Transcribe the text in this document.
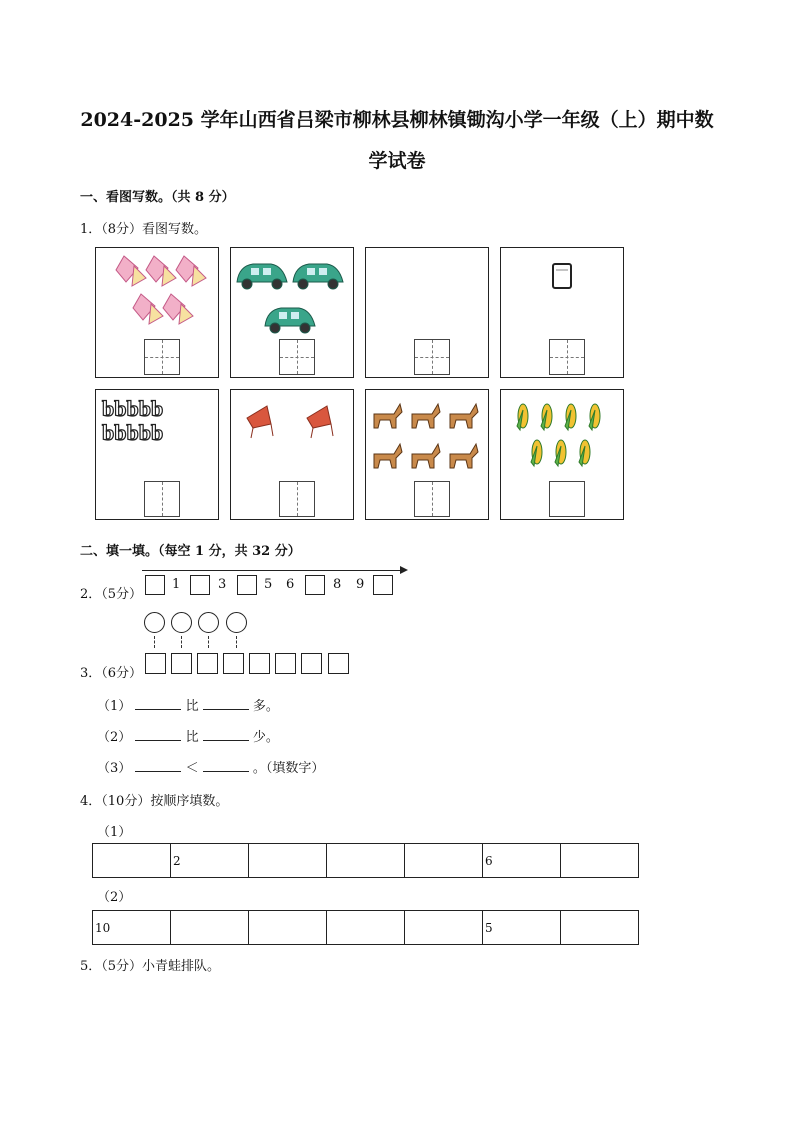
2024-2025 学年山西省吕梁市柳林县柳林镇锄沟小学一年级（上）期中数
学试卷
一、看图写数。（共 8 分）
1．（8分）看图写数。
bbbbb
bbbbb
二、填一填。（每空 1 分，共 32 分）
2．（5分）
1	3	5 6	8 9
3．（6分）
（1）	比	多。
（2）	比	少。
（3）	＜	。（填数字）
4．（10分）按顺序填数。
（1）
	2				6	
（2）
10					5	
5．（5分）小青蛙排队。
